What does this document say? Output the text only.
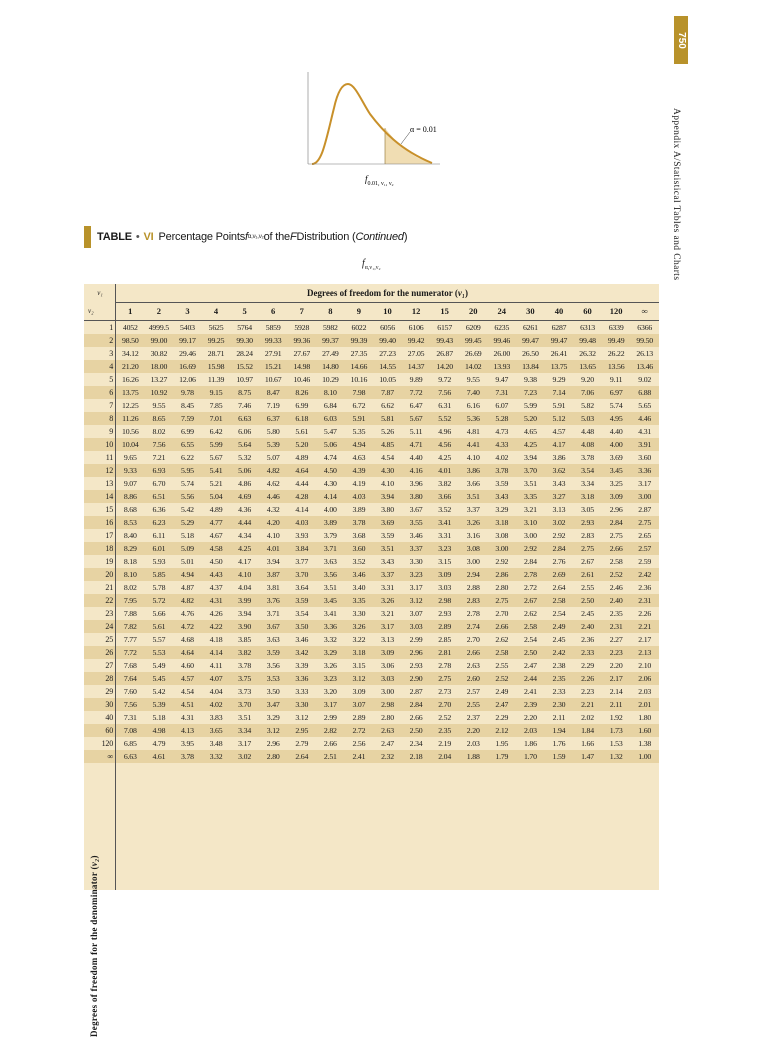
750
Appendix A/Statistical Tables and Charts
α = 0.01
$f_{0.01, \nu_1, \nu_2}$
TABLE • VI Percentage Points f α,ν₁,ν₂ of the F Distribution ( Continued )
$f_{\alpha,\nu_1,\nu_2}$
Degrees of freedom for the denominator (ν₂)
ν₁	Degrees of freedom for the numerator (ν₁)																		
ν₂	1	2	3	4	5	6	7	8	9	10	12	15	20	24	30	40	60	120	∞
1	4052	4999.5	5403	5625	5764	5859	5928	5982	6022	6056	6106	6157	6209	6235	6261	6287	6313	6339	6366
2	98.50	99.00	99.17	99.25	99.30	99.33	99.36	99.37	99.39	99.40	99.42	99.43	99.45	99.46	99.47	99.47	99.48	99.49	99.50
3	34.12	30.82	29.46	28.71	28.24	27.91	27.67	27.49	27.35	27.23	27.05	26.87	26.69	26.00	26.50	26.41	26.32	26.22	26.13
4	21.20	18.00	16.69	15.98	15.52	15.21	14.98	14.80	14.66	14.55	14.37	14.20	14.02	13.93	13.84	13.75	13.65	13.56	13.46
5	16.26	13.27	12.06	11.39	10.97	10.67	10.46	10.29	10.16	10.05	9.89	9.72	9.55	9.47	9.38	9.29	9.20	9.11	9.02
6	13.75	10.92	9.78	9.15	8.75	8.47	8.26	8.10	7.98	7.87	7.72	7.56	7.40	7.31	7.23	7.14	7.06	6.97	6.88
7	12.25	9.55	8.45	7.85	7.46	7.19	6.99	6.84	6.72	6.62	6.47	6.31	6.16	6.07	5.99	5.91	5.82	5.74	5.65
8	11.26	8.65	7.59	7.01	6.63	6.37	6.18	6.03	5.91	5.81	5.67	5.52	5.36	5.28	5.20	5.12	5.03	4.95	4.46
9	10.56	8.02	6.99	6.42	6.06	5.80	5.61	5.47	5.35	5.26	5.11	4.96	4.81	4.73	4.65	4.57	4.48	4.40	4.31
10	10.04	7.56	6.55	5.99	5.64	5.39	5.20	5.06	4.94	4.85	4.71	4.56	4.41	4.33	4.25	4.17	4.08	4.00	3.91
11	9.65	7.21	6.22	5.67	5.32	5.07	4.89	4.74	4.63	4.54	4.40	4.25	4.10	4.02	3.94	3.86	3.78	3.69	3.60
12	9.33	6.93	5.95	5.41	5.06	4.82	4.64	4.50	4.39	4.30	4.16	4.01	3.86	3.78	3.70	3.62	3.54	3.45	3.36
13	9.07	6.70	5.74	5.21	4.86	4.62	4.44	4.30	4.19	4.10	3.96	3.82	3.66	3.59	3.51	3.43	3.34	3.25	3.17
14	8.86	6.51	5.56	5.04	4.69	4.46	4.28	4.14	4.03	3.94	3.80	3.66	3.51	3.43	3.35	3.27	3.18	3.09	3.00
15	8.68	6.36	5.42	4.89	4.36	4.32	4.14	4.00	3.89	3.80	3.67	3.52	3.37	3.29	3.21	3.13	3.05	2.96	2.87
16	8.53	6.23	5.29	4.77	4.44	4.20	4.03	3.89	3.78	3.69	3.55	3.41	3.26	3.18	3.10	3.02	2.93	2.84	2.75
17	8.40	6.11	5.18	4.67	4.34	4.10	3.93	3.79	3.68	3.59	3.46	3.31	3.16	3.08	3.00	2.92	2.83	2.75	2.65
18	8.29	6.01	5.09	4.58	4.25	4.01	3.84	3.71	3.60	3.51	3.37	3.23	3.08	3.00	2.92	2.84	2.75	2.66	2.57
19	8.18	5.93	5.01	4.50	4.17	3.94	3.77	3.63	3.52	3.43	3.30	3.15	3.00	2.92	2.84	2.76	2.67	2.58	2.59
20	8.10	5.85	4.94	4.43	4.10	3.87	3.70	3.56	3.46	3.37	3.23	3.09	2.94	2.86	2.78	2.69	2.61	2.52	2.42
21	8.02	5.78	4.87	4.37	4.04	3.81	3.64	3.51	3.40	3.31	3.17	3.03	2.88	2.80	2.72	2.64	2.55	2.46	2.36
22	7.95	5.72	4.82	4.31	3.99	3.76	3.59	3.45	3.35	3.26	3.12	2.98	2.83	2.75	2.67	2.58	2.50	2.40	2.31
23	7.88	5.66	4.76	4.26	3.94	3.71	3.54	3.41	3.30	3.21	3.07	2.93	2.78	2.70	2.62	2.54	2.45	2.35	2.26
24	7.82	5.61	4.72	4.22	3.90	3.67	3.50	3.36	3.26	3.17	3.03	2.89	2.74	2.66	2.58	2.49	2.40	2.31	2.21
25	7.77	5.57	4.68	4.18	3.85	3.63	3.46	3.32	3.22	3.13	2.99	2.85	2.70	2.62	2.54	2.45	2.36	2.27	2.17
26	7.72	5.53	4.64	4.14	3.82	3.59	3.42	3.29	3.18	3.09	2.96	2.81	2.66	2.58	2.50	2.42	2.33	2.23	2.13
27	7.68	5.49	4.60	4.11	3.78	3.56	3.39	3.26	3.15	3.06	2.93	2.78	2.63	2.55	2.47	2.38	2.29	2.20	2.10
28	7.64	5.45	4.57	4.07	3.75	3.53	3.36	3.23	3.12	3.03	2.90	2.75	2.60	2.52	2.44	2.35	2.26	2.17	2.06
29	7.60	5.42	4.54	4.04	3.73	3.50	3.33	3.20	3.09	3.00	2.87	2.73	2.57	2.49	2.41	2.33	2.23	2.14	2.03
30	7.56	5.39	4.51	4.02	3.70	3.47	3.30	3.17	3.07	2.98	2.84	2.70	2.55	2.47	2.39	2.30	2.21	2.11	2.01
40	7.31	5.18	4.31	3.83	3.51	3.29	3.12	2.99	2.89	2.80	2.66	2.52	2.37	2.29	2.20	2.11	2.02	1.92	1.80
60	7.08	4.98	4.13	3.65	3.34	3.12	2.95	2.82	2.72	2.63	2.50	2.35	2.20	2.12	2.03	1.94	1.84	1.73	1.60
120	6.85	4.79	3.95	3.48	3.17	2.96	2.79	2.66	2.56	2.47	2.34	2.19	2.03	1.95	1.86	1.76	1.66	1.53	1.38
∞	6.63	4.61	3.78	3.32	3.02	2.80	2.64	2.51	2.41	2.32	2.18	2.04	1.88	1.79	1.70	1.59	1.47	1.32	1.00
